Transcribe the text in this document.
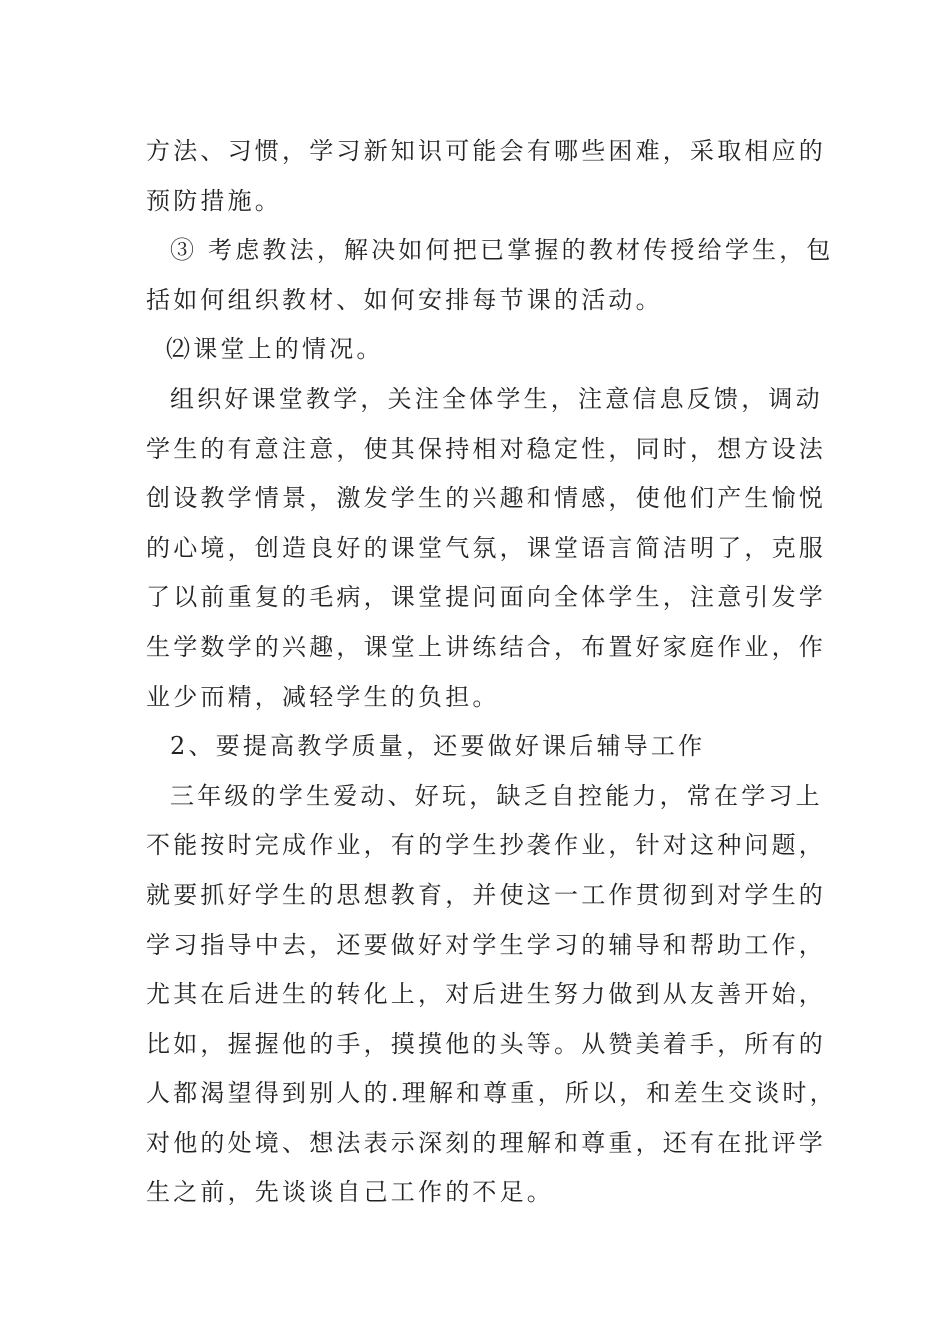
方法、习惯，学习新知识可能会有哪些困难，采取相应的
预防措施。
③ 考虑教法，解决如何把已掌握的教材传授给学生，包
括如何组织教材、如何安排每节课的活动。
⑵课堂上的情况。
组织好课堂教学，关注全体学生，注意信息反馈，调动
学生的有意注意，使其保持相对稳定性，同时，想方设法
创设教学情景，激发学生的兴趣和情感，使他们产生愉悦
的心境，创造良好的课堂气氛，课堂语言简洁明了，克服
了以前重复的毛病，课堂提问面向全体学生，注意引发学
生学数学的兴趣，课堂上讲练结合，布置好家庭作业，作
业少而精，减轻学生的负担。
2、要提高教学质量，还要做好课后辅导工作
三年级的学生爱动、好玩，缺乏自控能力，常在学习上
不能按时完成作业，有的学生抄袭作业，针对这种问题，
就要抓好学生的思想教育，并使这一工作贯彻到对学生的
学习指导中去，还要做好对学生学习的辅导和帮助工作，
尤其在后进生的转化上，对后进生努力做到从友善开始，
比如，握握他的手，摸摸他的头等。从赞美着手，所有的
人都渴望得到别人的.理解和尊重，所以，和差生交谈时，
对他的处境、想法表示深刻的理解和尊重，还有在批评学
生之前，先谈谈自己工作的不足。
